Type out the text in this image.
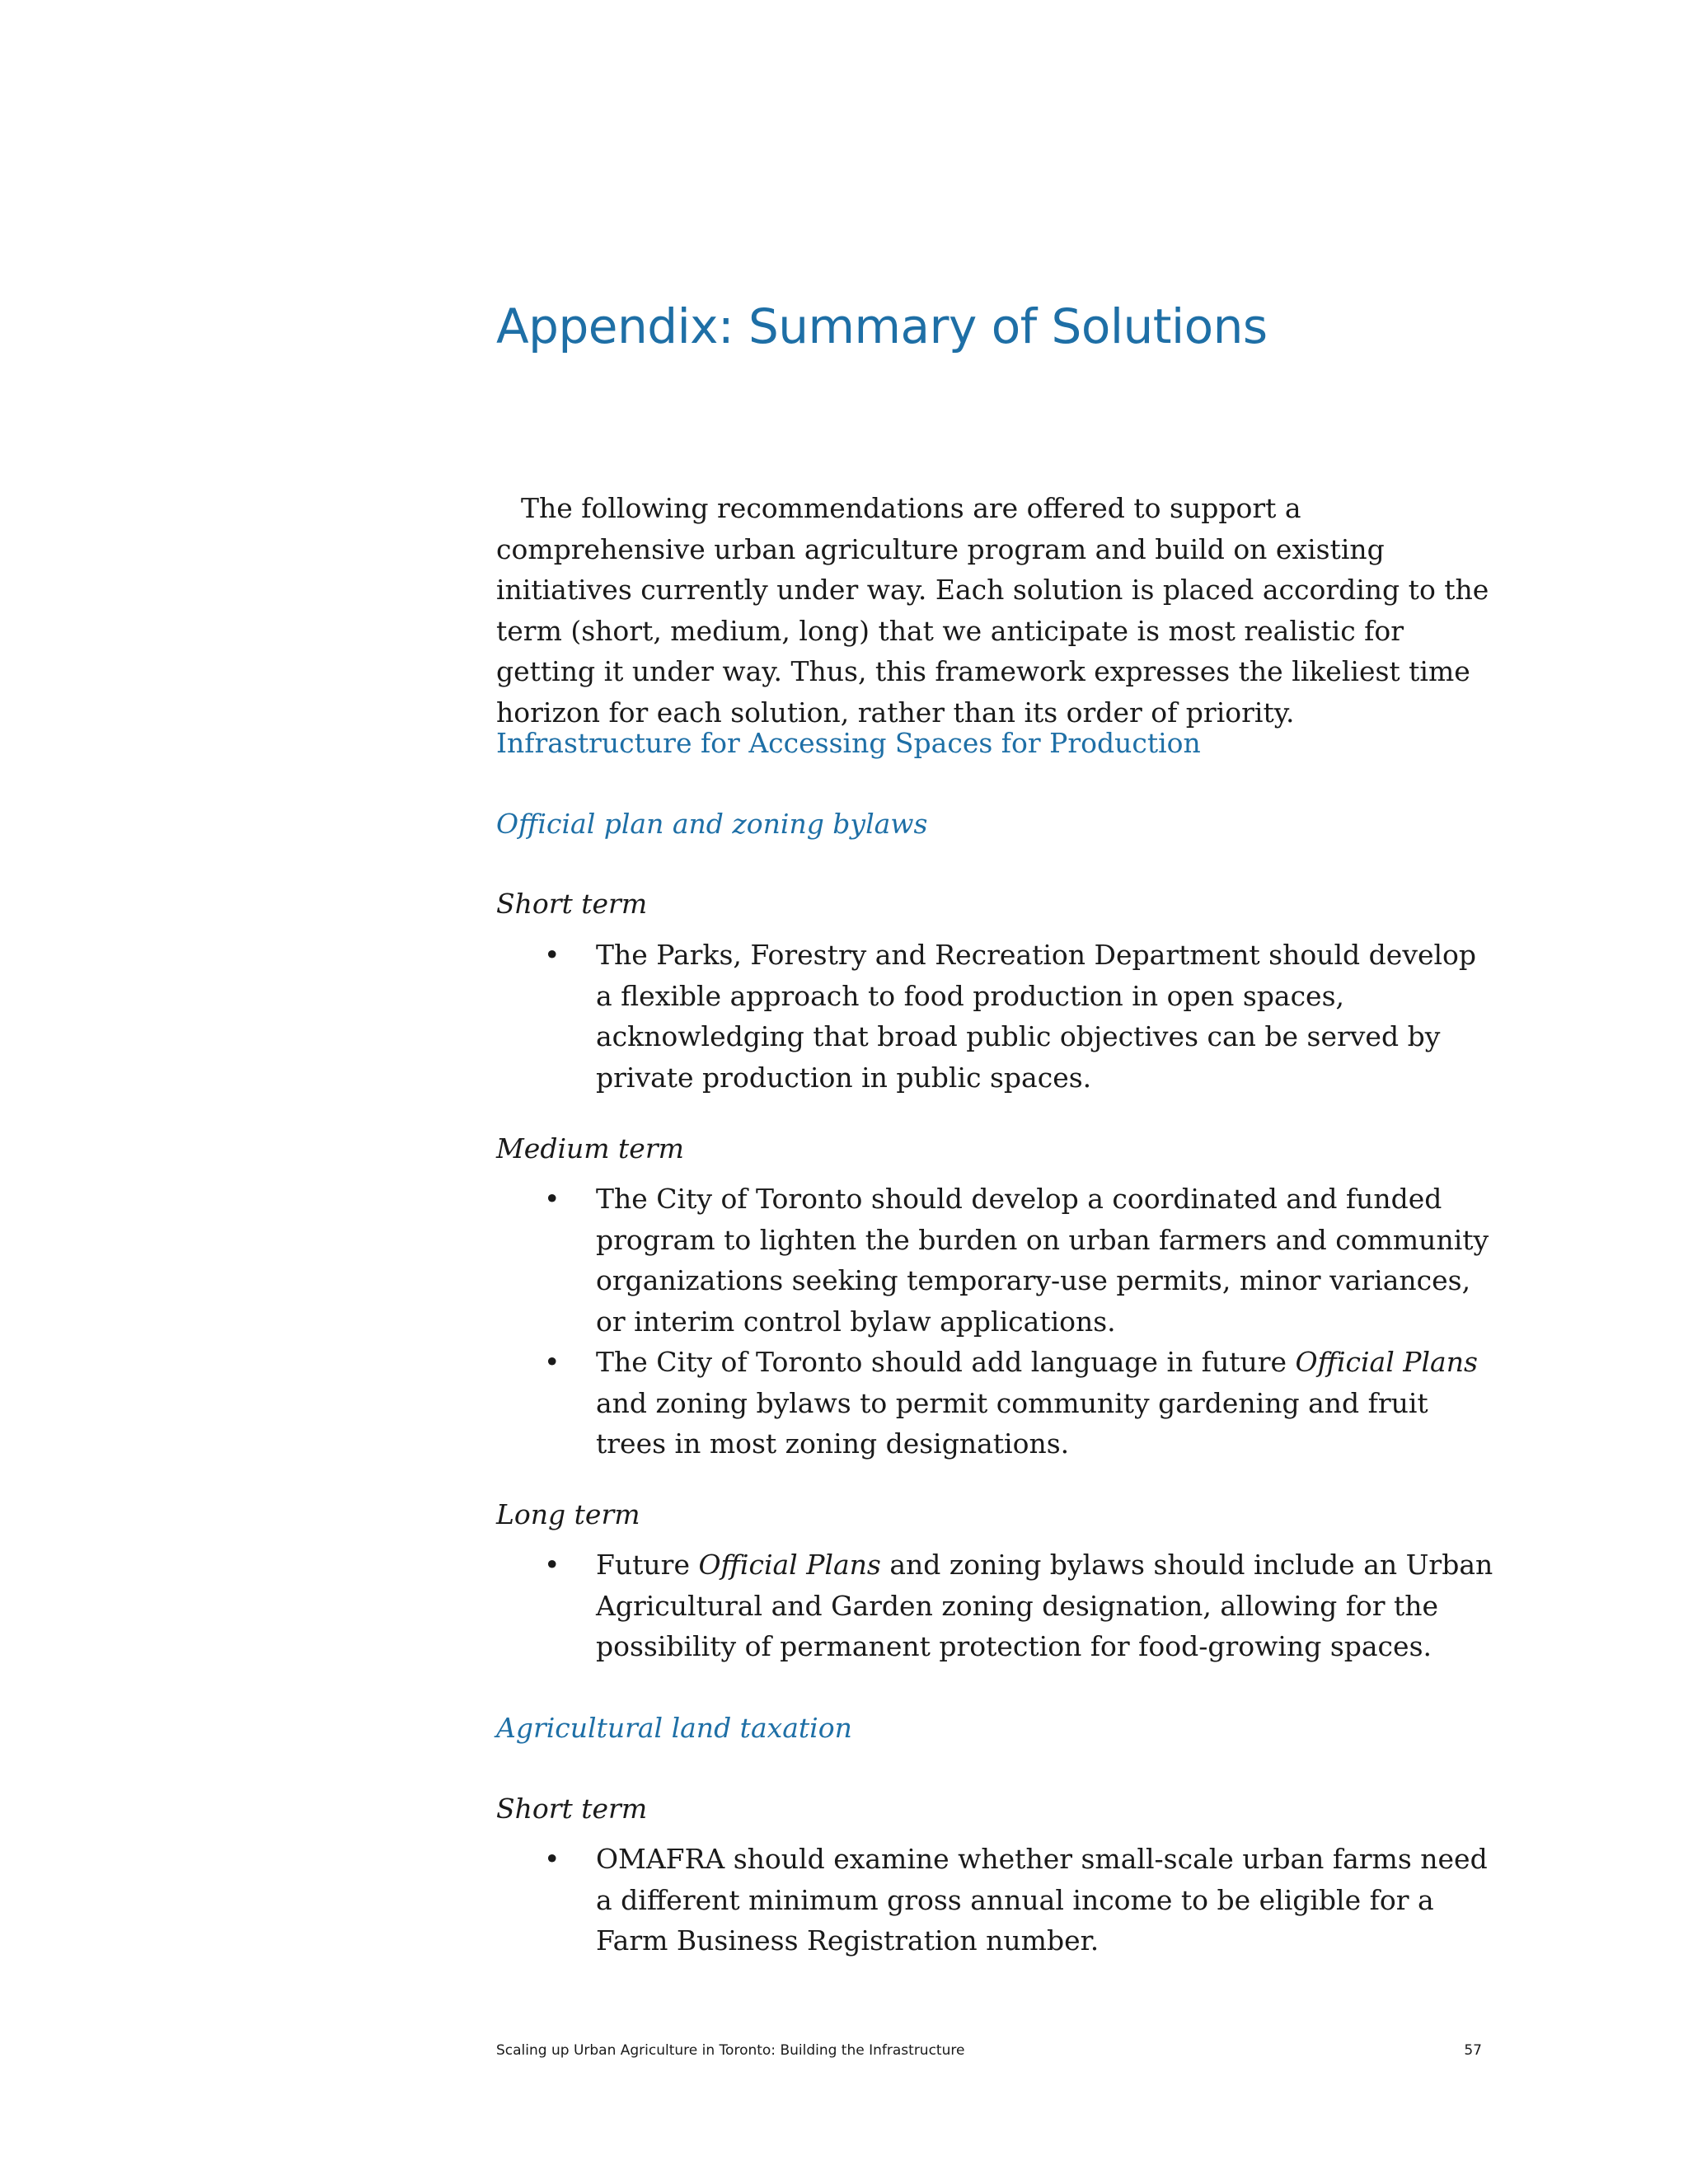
Appendix: Summary of Solutions

The following recommendations are offered to support a comprehensive urban agriculture program and build on existing initiatives currently under way. Each solution is placed according to the term (short, medium, long) that we anticipate is most realistic for getting it under way. Thus, this framework expresses the likeliest time horizon for each solution, rather than its order of priority.

Infrastructure for Accessing Spaces for Production
Official plan and zoning bylaws
Short term
• The Parks, Forestry and Recreation Department should develop a flexible approach to food production in open spaces, acknowledging that broad public objectives can be served by private production in public spaces.
Medium term
• The City of Toronto should develop a coordinated and funded program to lighten the burden on urban farmers and community organizations seeking temporary-use permits, minor variances, or interim control bylaw applications.
• The City of Toronto should add language in future Official Plans and zoning bylaws to permit community gardening and fruit trees in most zoning designations.
Long term
• Future Official Plans and zoning bylaws should include an Urban Agricultural and Garden zoning designation, allowing for the possibility of permanent protection for food-growing spaces.
Agricultural land taxation
Short term
• OMAFRA should examine whether small-scale urban farms need a different minimum gross annual income to be eligible for a Farm Business Registration number.
Scaling up Urban Agriculture in Toronto: Building the Infrastructure	57
